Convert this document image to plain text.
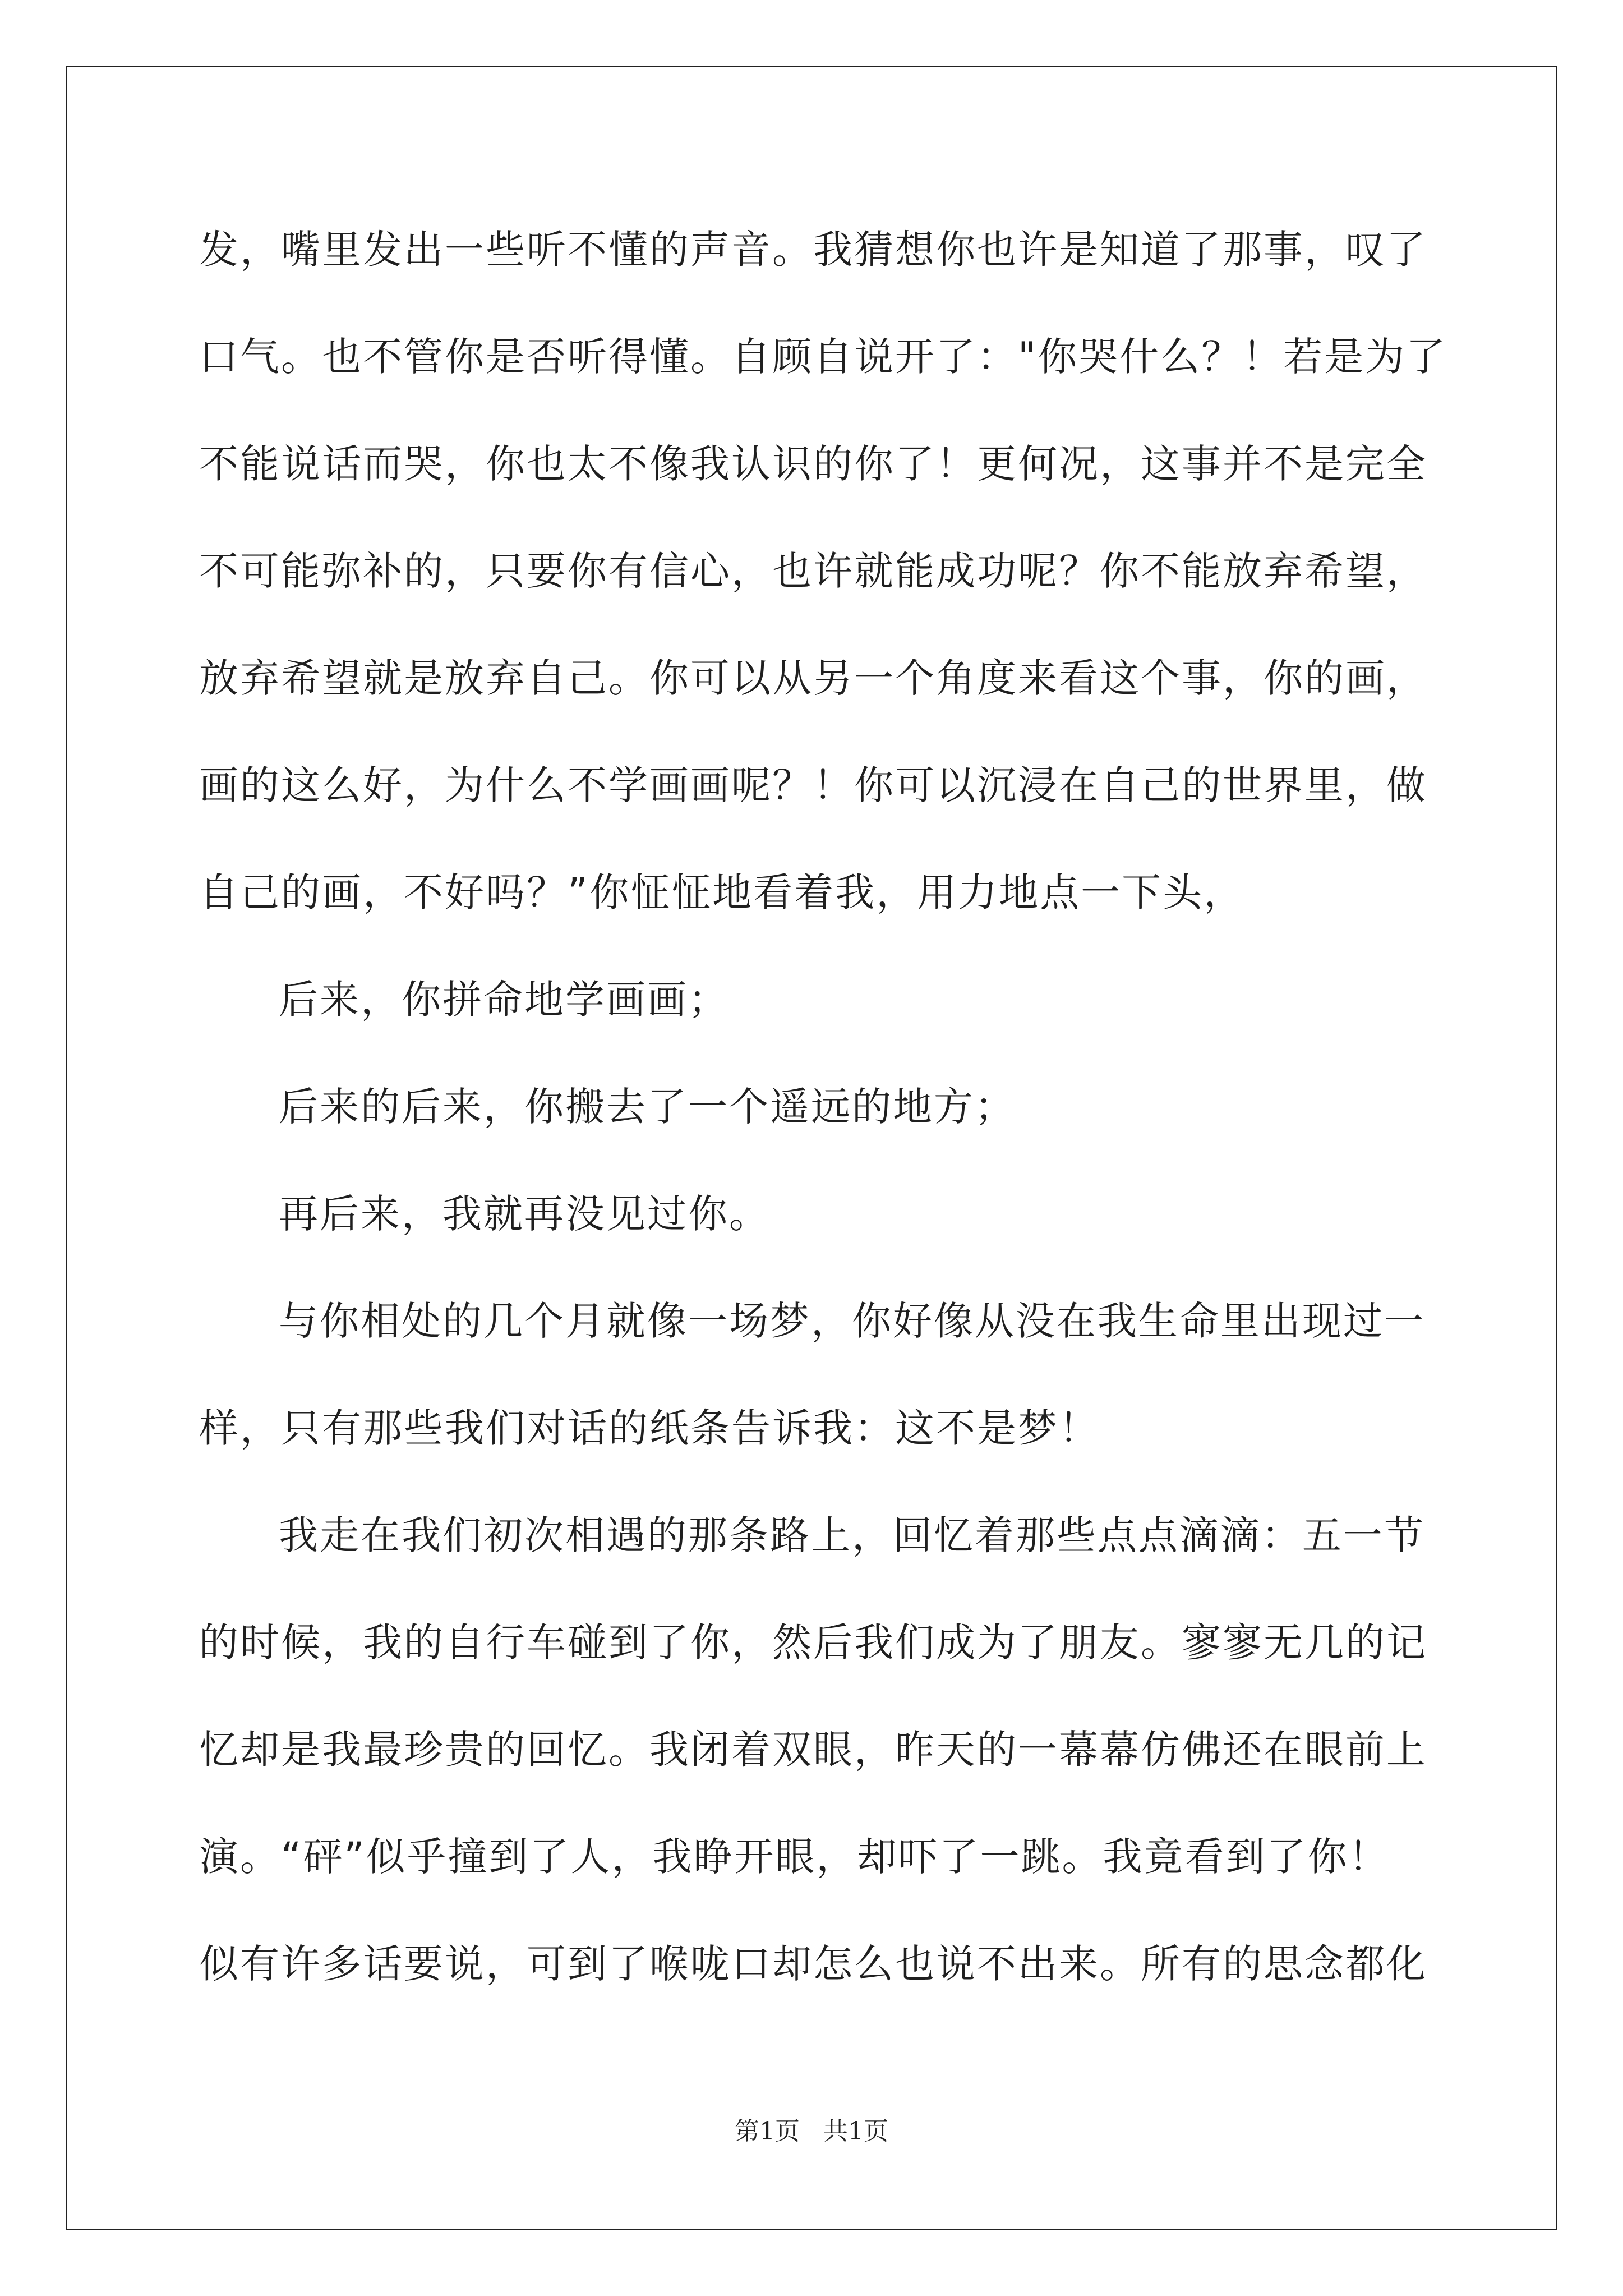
发，嘴里发出一些听不懂的声音。我猜想你也许是知道了那事，叹了
口气。也不管你是否听得懂。自顾自说开了："你哭什么？！若是为了
不能说话而哭，你也太不像我认识的你了！更何况，这事并不是完全
不可能弥补的，只要你有信心，也许就能成功呢？你不能放弃希望，
放弃希望就是放弃自己。你可以从另一个角度来看这个事，你的画，
画的这么好，为什么不学画画呢？！你可以沉浸在自己的世界里，做
自己的画，不好吗？”你怔怔地看着我，用力地点一下头，
后来，你拼命地学画画；
后来的后来，你搬去了一个遥远的地方；
再后来，我就再没见过你。
与你相处的几个月就像一场梦，你好像从没在我生命里出现过一
样，只有那些我们对话的纸条告诉我：这不是梦！
我走在我们初次相遇的那条路上，回忆着那些点点滴滴：五一节
的时候，我的自行车碰到了你，然后我们成为了朋友。寥寥无几的记
忆却是我最珍贵的回忆。我闭着双眼，昨天的一幕幕仿佛还在眼前上
演。“砰”似乎撞到了人，我睁开眼，却吓了一跳。我竟看到了你！
似有许多话要说，可到了喉咙口却怎么也说不出来。所有的思念都化
第1页   共1页
